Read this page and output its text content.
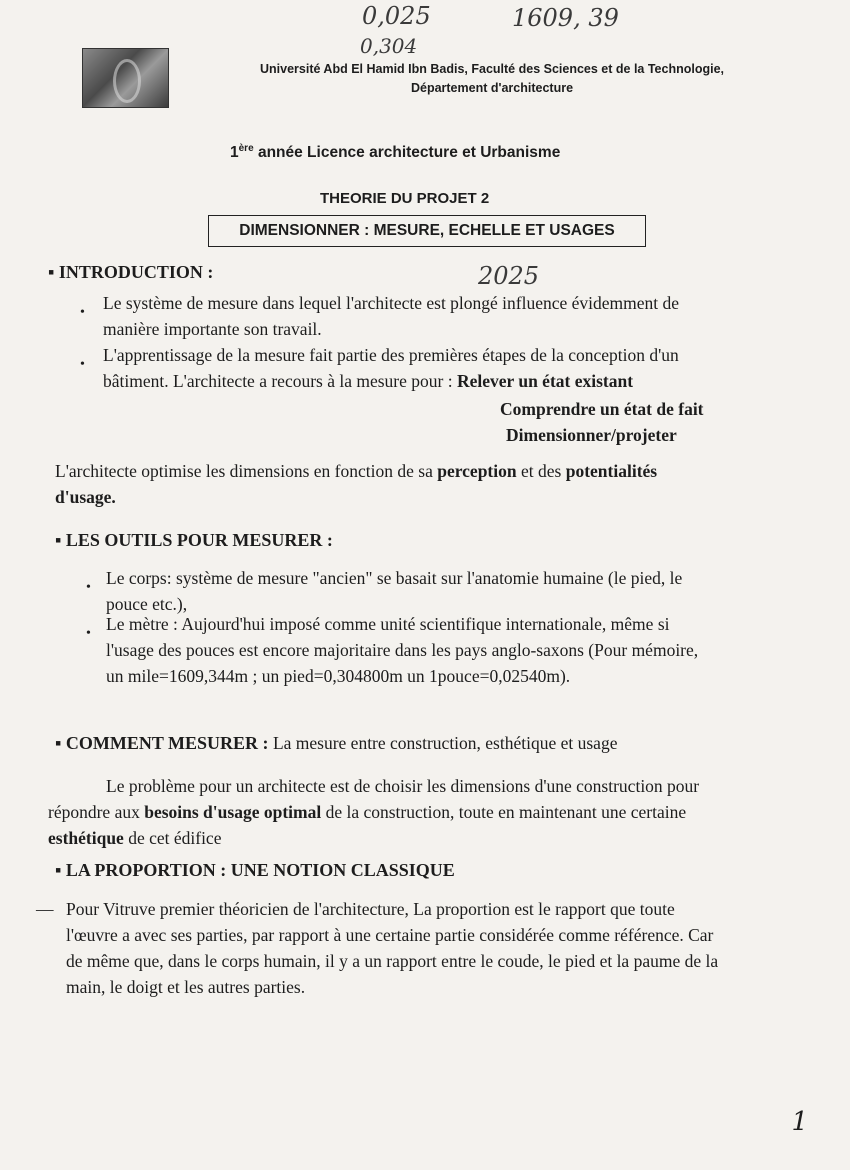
0,025
0,304
1609, 39
2025
Université Abd El Hamid Ibn Badis, Faculté des Sciences et de la Technologie,
Département d'architecture
1ère année Licence architecture et Urbanisme
THEORIE DU PROJET 2
DIMENSIONNER : MESURE, ECHELLE ET USAGES
▪ INTRODUCTION :
• Le système de mesure dans lequel l'architecte est plongé influence évidemment de
manière importante son travail.
• L'apprentissage de la mesure fait partie des premières étapes de la conception d'un
bâtiment. L'architecte a recours à la mesure pour : Relever un état existant
Comprendre un état de fait
Dimensionner/projeter
L'architecte optimise les dimensions en fonction de sa perception et des potentialités
d'usage.
▪ LES OUTILS POUR MESURER :
• Le corps: système de mesure "ancien" se basait sur l'anatomie humaine (le pied, le
pouce etc.),
• Le mètre : Aujourd'hui imposé comme unité scientifique internationale, même si
l'usage des pouces est encore majoritaire dans les pays anglo-saxons (Pour mémoire,
un mile=1609,344m ; un pied=0,304800m un 1pouce=0,02540m).
▪ COMMENT MESURER : La mesure entre construction, esthétique et usage
Le problème pour un architecte est de choisir les dimensions d'une construction pour
répondre aux besoins d'usage optimal de la construction, toute en maintenant une certaine
esthétique de cet édifice
▪ LA PROPORTION : UNE NOTION CLASSIQUE
— Pour Vitruve premier théoricien de l'architecture, La proportion est le rapport que toute
l'œuvre a avec ses parties, par rapport à une certaine partie considérée comme référence. Car
de même que, dans le corps humain, il y a un rapport entre le coude, le pied et la paume de la
main, le doigt et les autres parties.
1
